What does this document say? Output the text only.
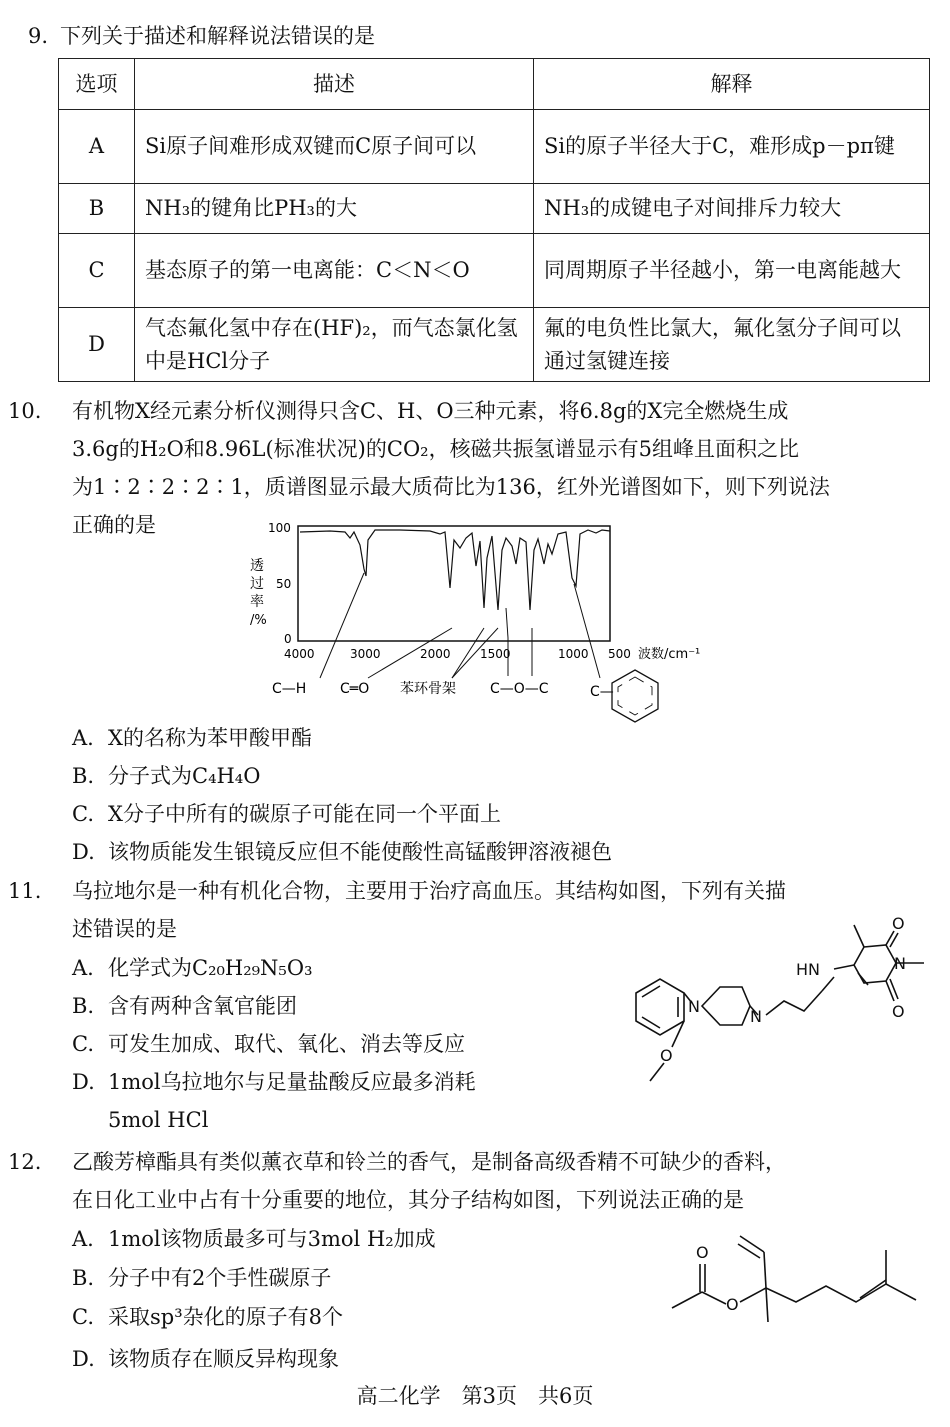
9. 下列关于描述和解释说法错误的是
选项	描述	解释
A	Si原子间难形成双键而C原子间可以	Si的原子半径大于C，难形成p－pπ键
B	NH₃的键角比PH₃的大	NH₃的成键电子对间排斥力较大
C	基态原子的第一电离能：C＜N＜O	同周期原子半径越小，第一电离能越大
D	气态氟化氢中存在(HF)₂，而气态氯化氢中是HCl分子	氟的电负性比氯大，氟化氢分子间可以通过氢键连接
10. 有机物X经元素分析仪测得只含C、H、O三种元素，将6.8g的X完全燃烧生成
3.6g的H₂O和8.96L(标准状况)的CO₂，核磁共振氢谱显示有5组峰且面积之比
为1∶2∶2∶2∶1，质谱图显示最大质荷比为136，红外光谱图如下，则下列说法
正确的是
透
过
率
/%
100
50
0
4000	3000	2000 1500	1000 500 波数/cm⁻¹
C—H C═O 苯环骨架 C—O—C	C—
A. X的名称为苯甲酸甲酯
B. 分子式为C₄H₄O
C. X分子中所有的碳原子可能在同一个平面上
D. 该物质能发生银镜反应但不能使酸性高锰酸钾溶液褪色
11. 乌拉地尔是一种有机化合物，主要用于治疗高血压。其结构如图，下列有关描
述错误的是
A. 化学式为C₂₀H₂₉N₅O₃
B. 含有两种含氧官能团
C. 可发生加成、取代、氧化、消去等反应
D. 1mol乌拉地尔与足量盐酸反应最多消耗
5mol HCl
N
N
O
HN
O
N
O
12. 乙酸芳樟酯具有类似薰衣草和铃兰的香气，是制备高级香精不可缺少的香料，
在日化工业中占有十分重要的地位，其分子结构如图，下列说法正确的是
A. 1mol该物质最多可与3mol H₂加成
B. 分子中有2个手性碳原子
C. 采取sp³杂化的原子有8个
D. 该物质存在顺反异构现象
O
O
高二化学　第3页　共6页
